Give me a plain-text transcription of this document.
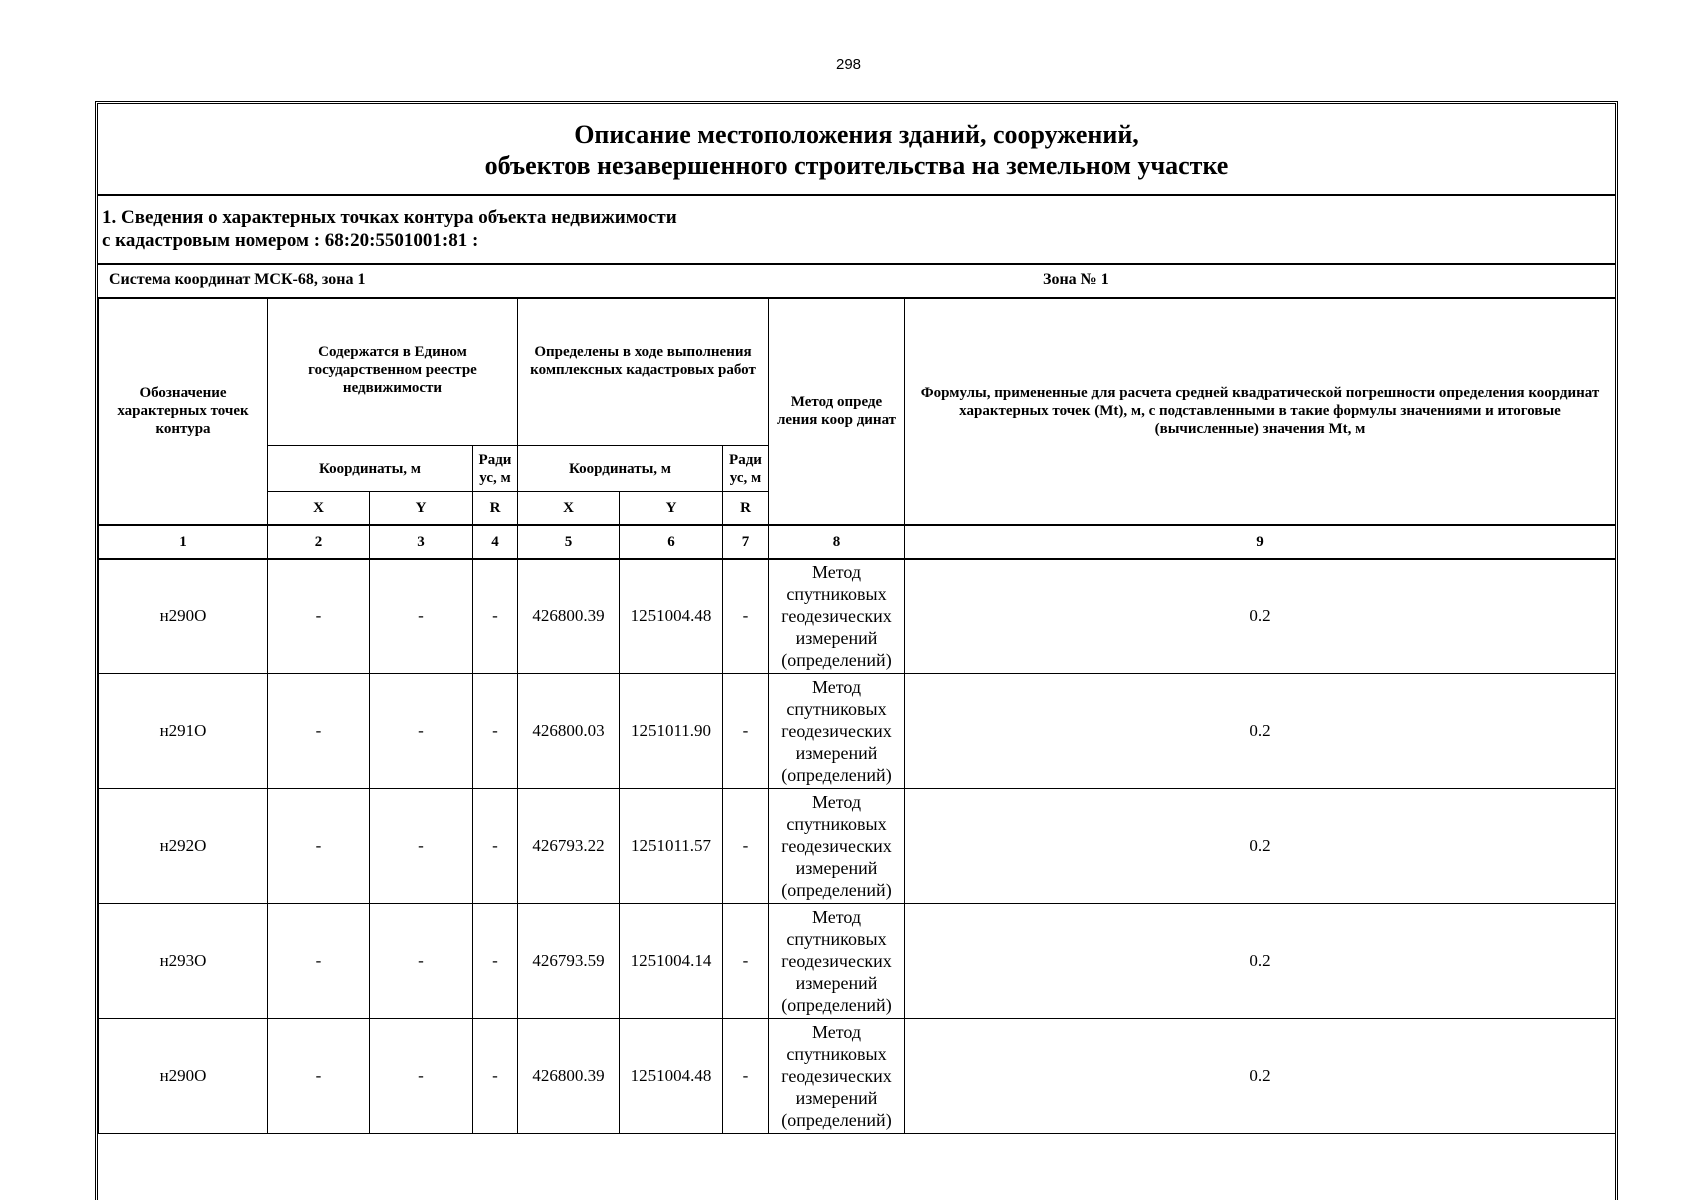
298
Описание местоположения зданий, сооружений,
объектов незавершенного строительства на земельном участке
1. Сведения о характерных точках контура объекта недвижимости
с кадастровым номером : 68:20:5501001:81 :
Система координат МСК-68, зона 1	Зона № 1
Обозначение характерных точек контура	Содержатся в Едином государственном реестре недвижимости			Определены в ходе выполнения комплексных кадастровых работ			Метод опреде ления коор динат	Формулы, примененные для расчета средней квадратической погрешности определения координат характерных точек (Mt), м, с подставленными в такие формулы значениями и итоговые (вычисленные) значения Mt, м
	Координаты, м		Ради ус, м	Координаты, м		Ради ус, м		
	X	Y	R	X	Y	R		
1	2	3	4	5	6	7	8	9
н290О	-	-	-	426800.39	1251004.48	-	Метод спутниковых геодезических измерений (определений)	0.2
н291О	-	-	-	426800.03	1251011.90	-	Метод спутниковых геодезических измерений (определений)	0.2
н292О	-	-	-	426793.22	1251011.57	-	Метод спутниковых геодезических измерений (определений)	0.2
н293О	-	-	-	426793.59	1251004.14	-	Метод спутниковых геодезических измерений (определений)	0.2
н290О	-	-	-	426800.39	1251004.48	-	Метод спутниковых геодезических измерений (определений)	0.2
